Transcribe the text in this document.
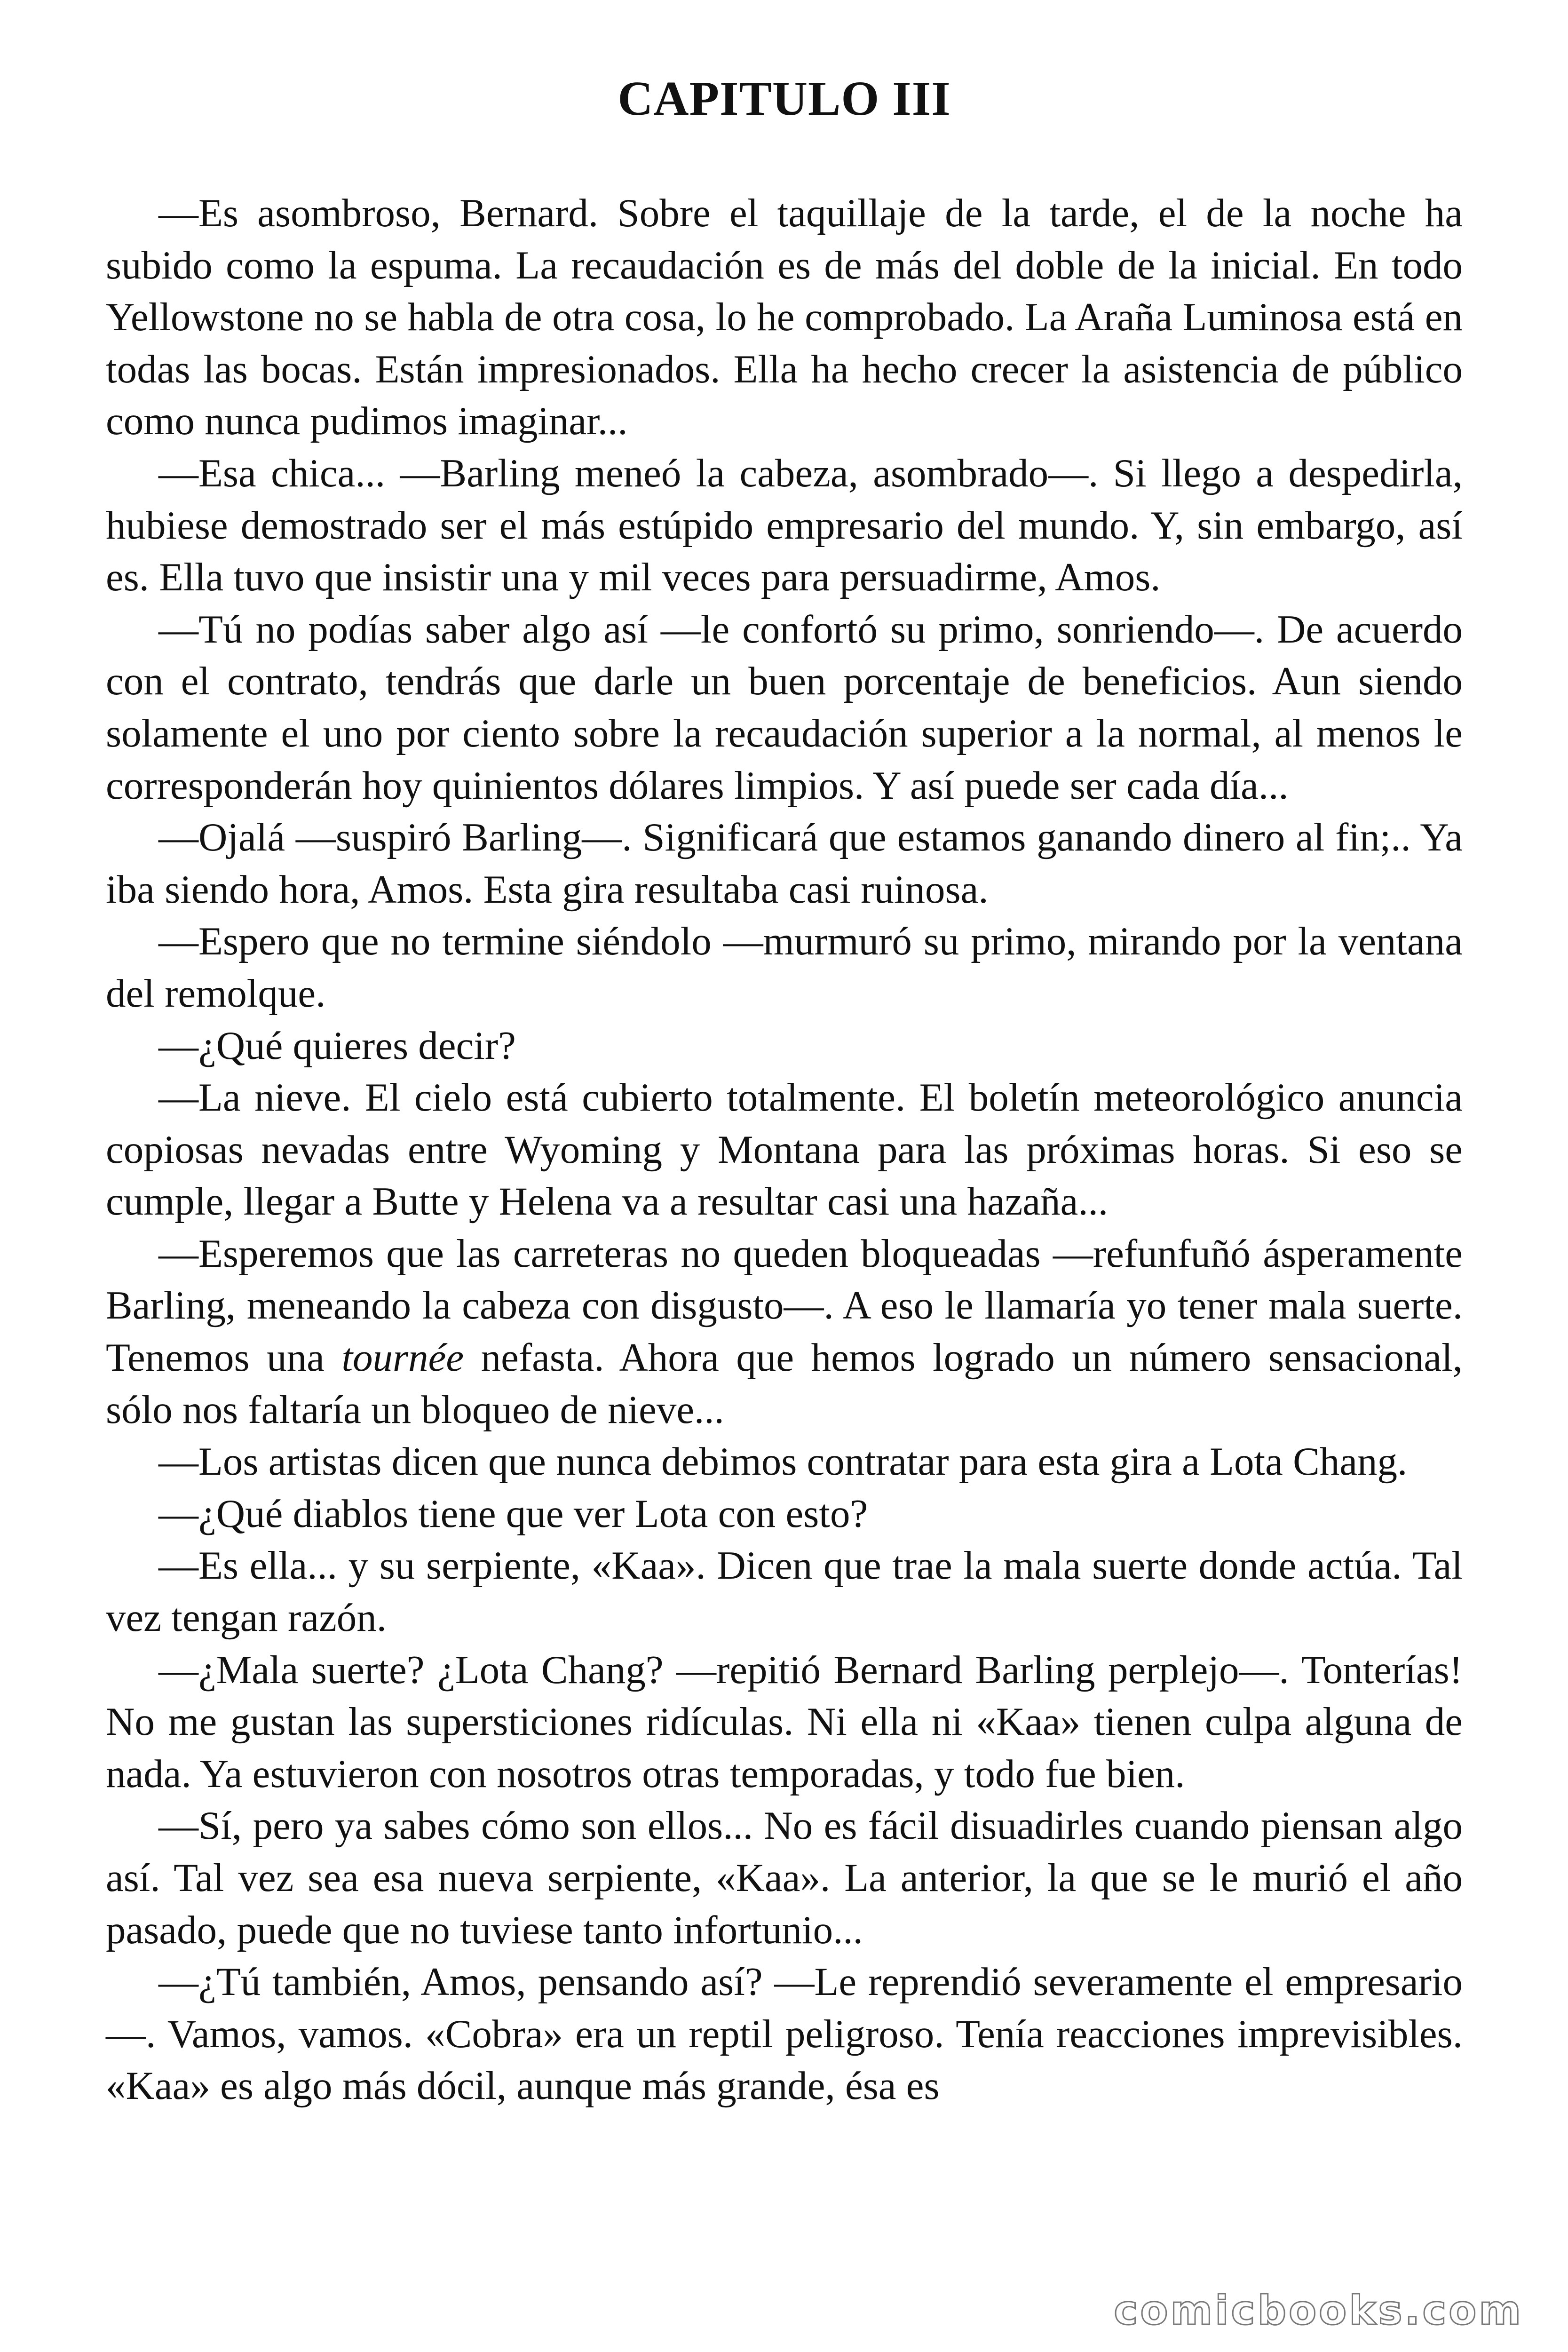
CAPITULO III

—Es asombroso, Bernard. Sobre el taquillaje de la tarde, el de la noche ha subido como la espuma. La recaudación es de más del doble de la inicial. En todo Yellowstone no se habla de otra cosa, lo he comprobado. La Araña Luminosa está en todas las bocas. Están impresionados. Ella ha hecho crecer la asistencia de público como nunca pudimos imaginar...

—Esa chica... —Barling meneó la cabeza, asombrado—. Si llego a despedirla, hubiese demostrado ser el más estúpido empresario del mundo. Y, sin embargo, así es. Ella tuvo que insistir una y mil veces para persuadirme, Amos.

—Tú no podías saber algo así —le confortó su primo, sonriendo—. De acuerdo con el contrato, tendrás que darle un buen porcentaje de beneficios. Aun siendo solamente el uno por ciento sobre la recaudación superior a la normal, al menos le corresponderán hoy quinientos dólares limpios. Y así puede ser cada día...

—Ojalá —suspiró Barling—. Significará que estamos ganando dinero al fin;.. Ya iba siendo hora, Amos. Esta gira resultaba casi ruinosa.

—Espero que no termine siéndolo —murmuró su primo, mirando por la ventana del remolque.

—¿Qué quieres decir?

—La nieve. El cielo está cubierto totalmente. El boletín meteorológico anuncia copiosas nevadas entre Wyoming y Montana para las próximas horas. Si eso se cumple, llegar a Butte y Helena va a resultar casi una hazaña...

—Esperemos que las carreteras no queden bloqueadas —refunfuñó ásperamente Barling, meneando la cabeza con disgusto—. A eso le llamaría yo tener mala suerte. Tenemos una tournée nefasta. Ahora que hemos logrado un número sensacional, sólo nos faltaría un bloqueo de nieve...

—Los artistas dicen que nunca debimos contratar para esta gira a Lota Chang.

—¿Qué diablos tiene que ver Lota con esto?

—Es ella... y su serpiente, «Kaa». Dicen que trae la mala suerte donde actúa. Tal vez tengan razón.

—¿Mala suerte? ¿Lota Chang? —repitió Bernard Barling perplejo—. Tonterías! No me gustan las supersticiones ridículas. Ni ella ni «Kaa» tienen culpa alguna de nada. Ya estuvieron con nosotros otras temporadas, y todo fue bien.

—Sí, pero ya sabes cómo son ellos... No es fácil disuadirles cuando piensan algo así. Tal vez sea esa nueva serpiente, «Kaa». La anterior, la que se le murió el año pasado, puede que no tuviese tanto infortunio...

—¿Tú también, Amos, pensando así? —Le reprendió severamente el empresario—. Vamos, vamos. «Cobra» era un reptil peligroso. Tenía reacciones imprevisibles. «Kaa» es algo más dócil, aunque más grande, ésa es

comicbooks.com
